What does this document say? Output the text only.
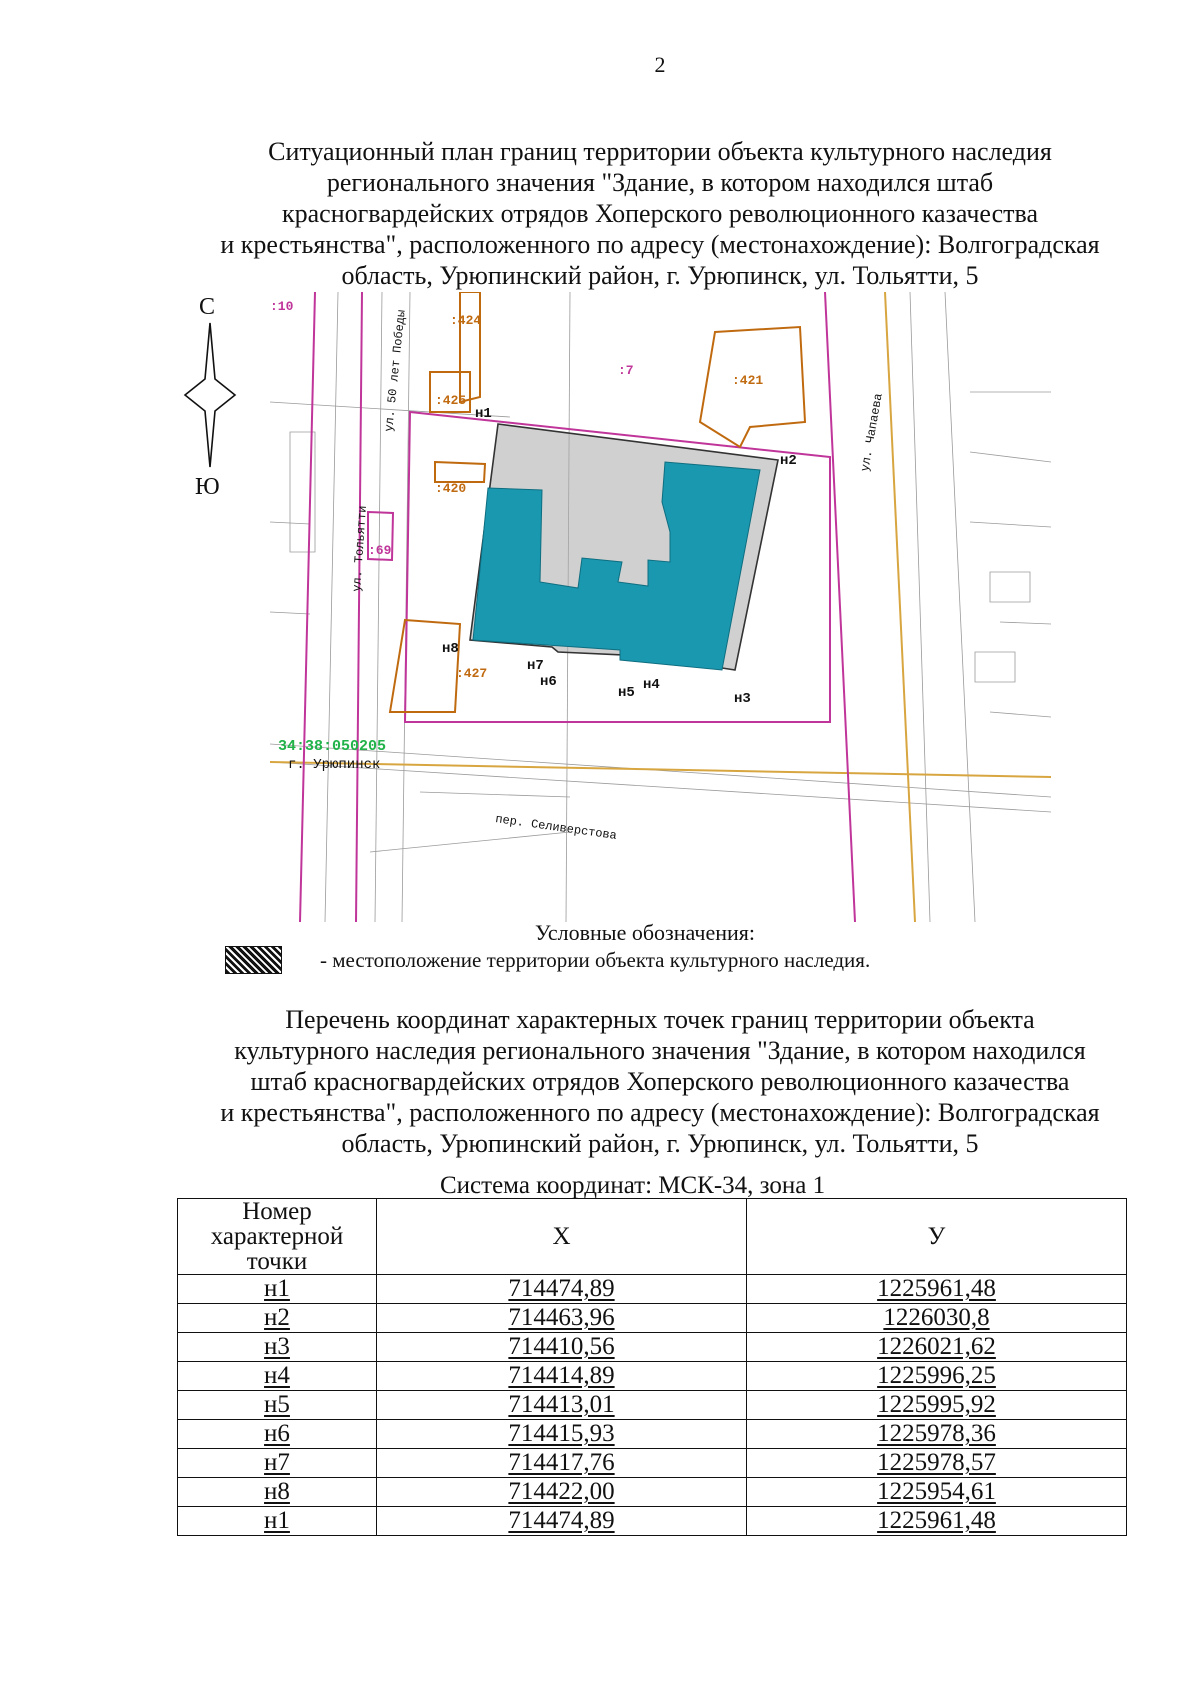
2
Ситуационный план границ территории объекта культурного наследия
регионального значения "Здание, в котором находился штаб
красногвардейских отрядов Хоперского революционного казачества
и крестьянства", расположенного по адресу (местонахождение): Волгоградская
область, Урюпинский район, г. Урюпинск, ул. Тольятти, 5
С
Ю
:10
:424
:425
:7
:421
:420
:69
:427
н1
н2
н3
н4
н5
н6
н7
н8
34:38:050205
г. Урюпинск
ул. 50 лет Победы
ул. Тольятти
ул. Чапаева
пер. Селиверстова
Условные обозначения:
- местоположение территории объекта культурного наследия.
Перечень координат характерных точек границ территории объекта
культурного наследия регионального значения "Здание, в котором находился
штаб красногвардейских отрядов Хоперского революционного казачества
и крестьянства", расположенного по адресу (местонахождение): Волгоградская
область, Урюпинский район, г. Урюпинск, ул. Тольятти, 5
Система координат: МСК-34, зона 1
Номер характерной точки	X	У
н1	714474,89	1225961,48
н2	714463,96	1226030,8
н3	714410,56	1226021,62
н4	714414,89	1225996,25
н5	714413,01	1225995,92
н6	714415,93	1225978,36
н7	714417,76	1225978,57
н8	714422,00	1225954,61
н1	714474,89	1225961,48
